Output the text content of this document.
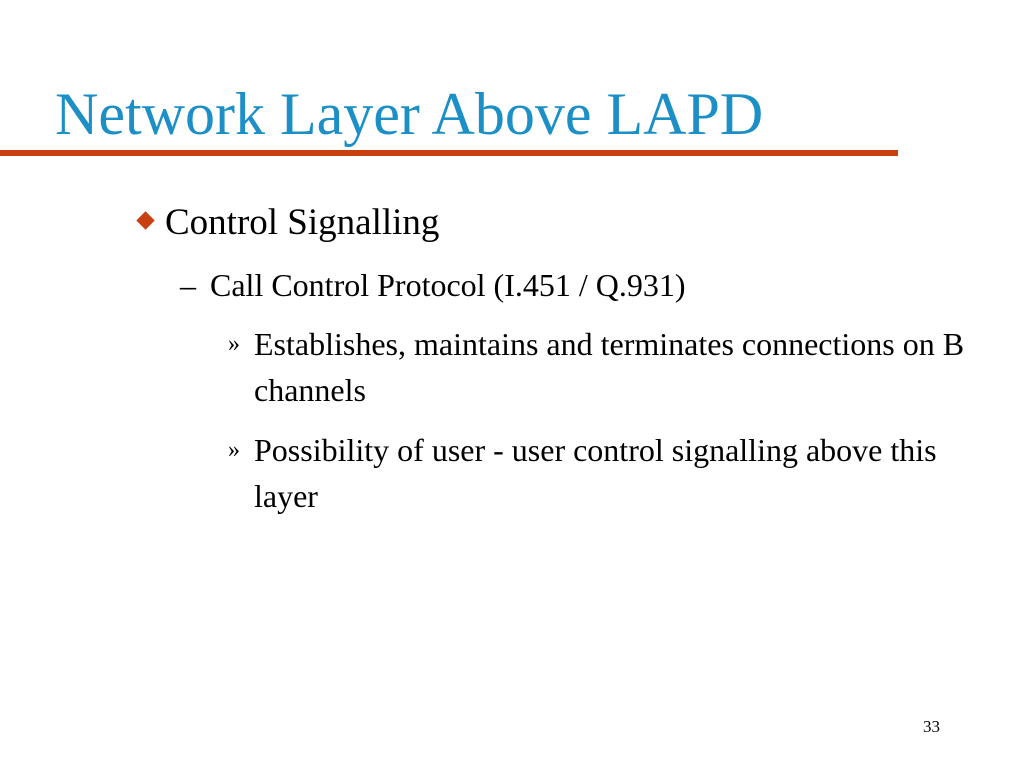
Network Layer Above LAPD
Control Signalling
– Call Control Protocol (I.451 / Q.931)
» Establishes, maintains and terminates connections on B channels
» Possibility of user - user control signalling above this layer
33
